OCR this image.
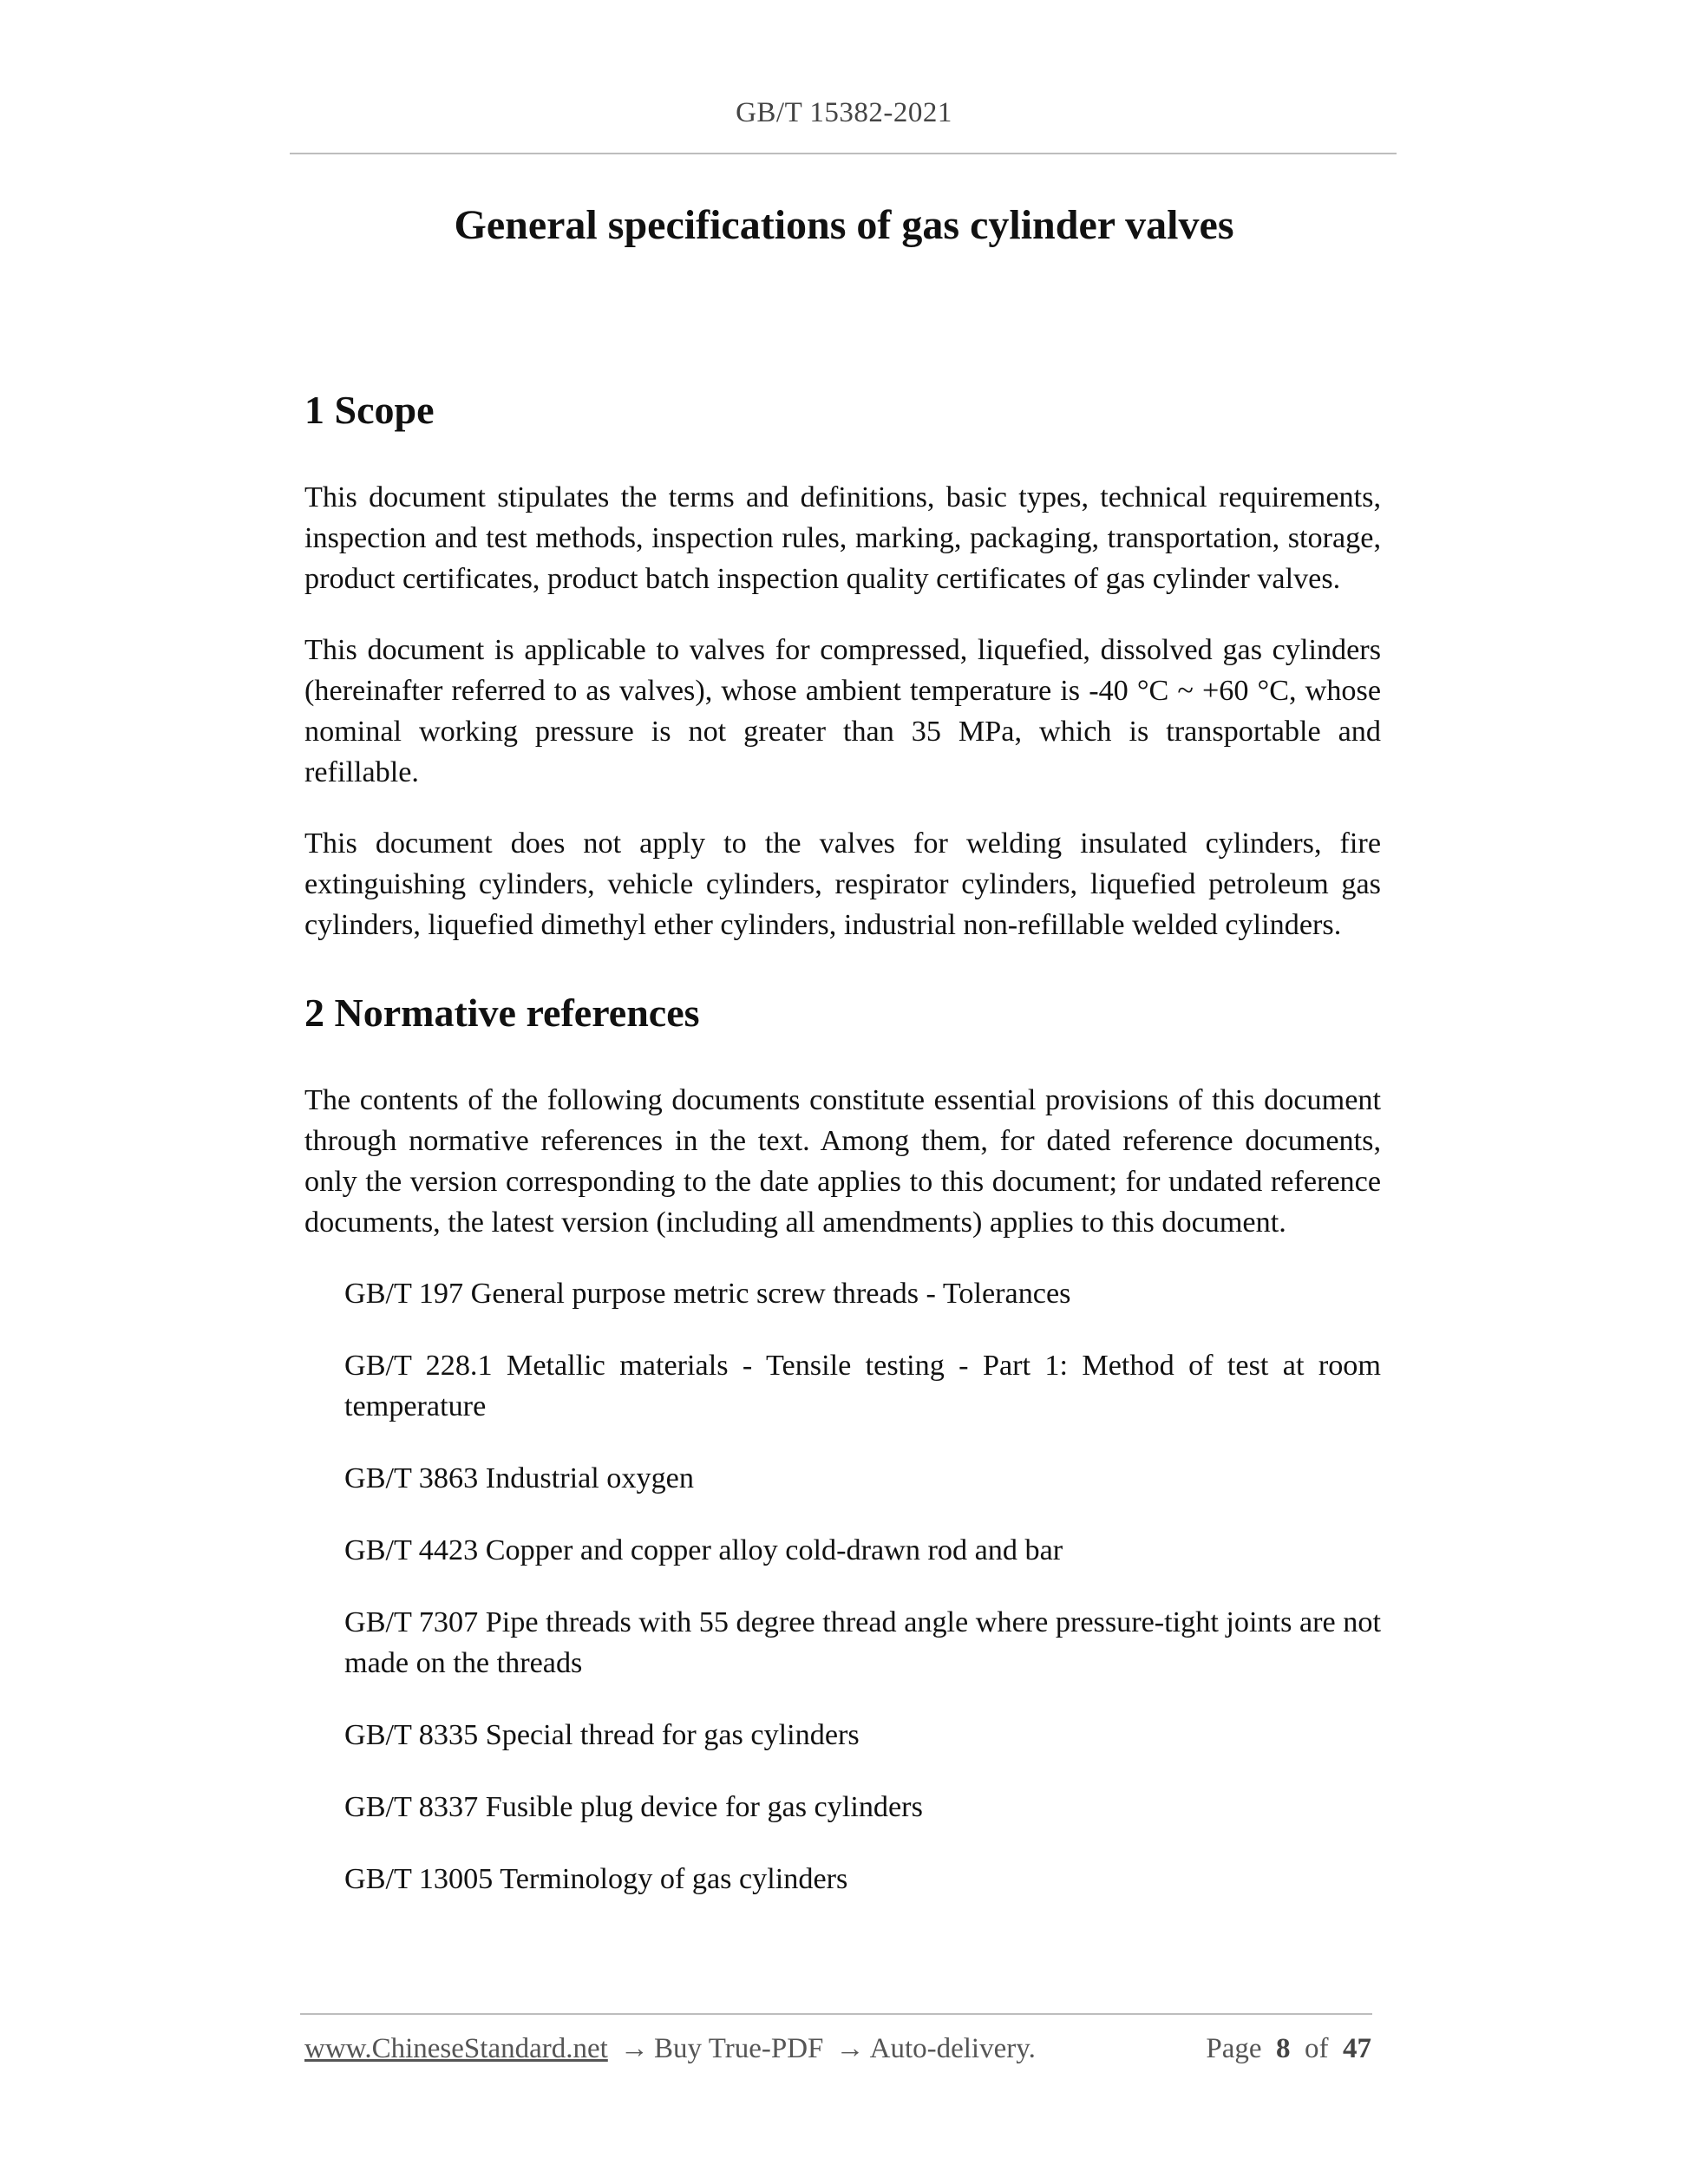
GB/T 15382-2021
General specifications of gas cylinder valves
1 Scope

This document stipulates the terms and definitions, basic types, technical requirements, inspection and test methods, inspection rules, marking, packaging, transportation, storage, product certificates, product batch inspection quality certificates of gas cylinder valves.

This document is applicable to valves for compressed, liquefied, dissolved gas cylinders (hereinafter referred to as valves), whose ambient temperature is -40 °C ~ +60 °C, whose nominal working pressure is not greater than 35 MPa, which is transportable and refillable.

This document does not apply to the valves for welding insulated cylinders, fire extinguishing cylinders, vehicle cylinders, respirator cylinders, liquefied petroleum gas cylinders, liquefied dimethyl ether cylinders, industrial non-refillable welded cylinders.

2 Normative references

The contents of the following documents constitute essential provisions of this document through normative references in the text. Among them, for dated reference documents, only the version corresponding to the date applies to this document; for undated reference documents, the latest version (including all amendments) applies to this document.

GB/T 197 General purpose metric screw threads - Tolerances
GB/T 228.1 Metallic materials - Tensile testing - Part 1: Method of test at room temperature
GB/T 3863 Industrial oxygen
GB/T 4423 Copper and copper alloy cold-drawn rod and bar
GB/T 7307 Pipe threads with 55 degree thread angle where pressure-tight joints are not made on the threads
GB/T 8335 Special thread for gas cylinders
GB/T 8337 Fusible plug device for gas cylinders
GB/T 13005 Terminology of gas cylinders
www.ChineseStandard.net → Buy True-PDF → Auto-delivery.	Page 8 of 47
